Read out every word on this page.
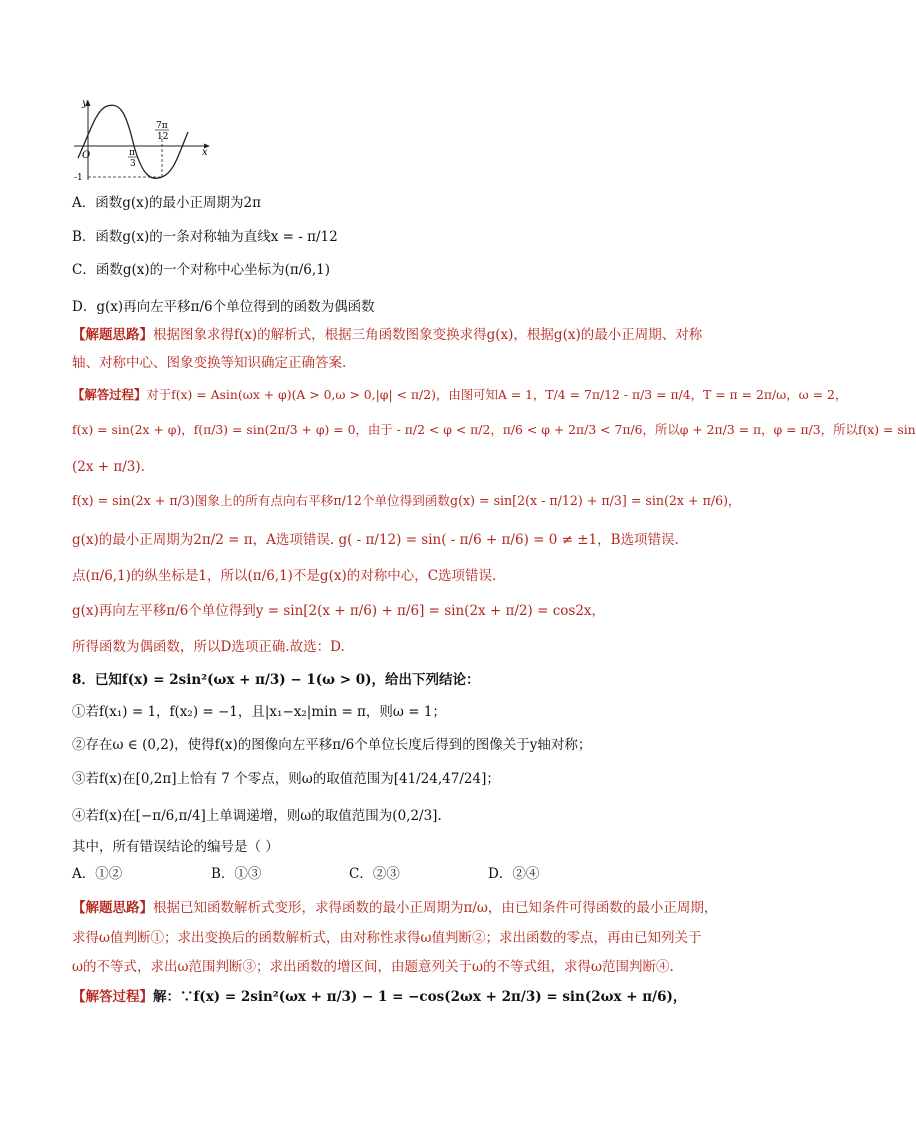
y
x
O	π
3
7π
12
-1
A．函数g(x)的最小正周期为2π
B．函数g(x)的一条对称轴为直线x = - π/12
C．函数g(x)的一个对称中心坐标为(π/6,1)
D．g(x)再向左平移π/6个单位得到的函数为偶函数
【解题思路】根据图象求得f(x)的解析式，根据三角函数图象变换求得g(x)，根据g(x)的最小正周期、对称
轴、对称中心、图象变换等知识确定正确答案.
【解答过程】对于f(x) = Asin(ωx + φ)(A > 0,ω > 0,|φ| < π/2)，由图可知A = 1，T/4 = 7π/12 - π/3 = π/4，T = π = 2π/ω，ω = 2，
f(x) = sin(2x + φ)，f(π/3) = sin(2π/3 + φ) = 0，由于 - π/2 < φ < π/2，π/6 < φ + 2π/3 < 7π/6，所以φ + 2π/3 = π，φ = π/3，所以f(x) = sin
(2x + π/3).
f(x) = sin(2x + π/3)图象上的所有点向右平移π/12个单位得到函数g(x) = sin[2(x - π/12) + π/3] = sin(2x + π/6)，
g(x)的最小正周期为2π/2 = π，A选项错误. g( - π/12) = sin( - π/6 + π/6) = 0 ≠ ±1，B选项错误.
点(π/6,1)的纵坐标是1，所以(π/6,1)不是g(x)的对称中心，C选项错误.
g(x)再向左平移π/6个单位得到y = sin[2(x + π/6) + π/6] = sin(2x + π/2) = cos2x，
所得函数为偶函数，所以D选项正确.故选：D.
8．已知f(x) = 2sin²(ωx + π/3) − 1(ω > 0)，给出下列结论：
①若f(x₁) = 1，f(x₂) = −1，且|x₁−x₂|min = π，则ω = 1；
②存在ω ∈ (0,2)，使得f(x)的图像向左平移π/6个单位长度后得到的图像关于y轴对称；
③若f(x)在[0,2π]上恰有 7 个零点，则ω的取值范围为[41/24,47/24]；
④若f(x)在[−π/6,π/4]上单调递增，则ω的取值范围为(0,2/3].
其中，所有错误结论的编号是（ ）
A．①②	B．①③	C．②③	D．②④
【解题思路】根据已知函数解析式变形，求得函数的最小正周期为π/ω，由已知条件可得函数的最小正周期，
求得ω值判断①；求出变换后的函数解析式，由对称性求得ω值判断②；求出函数的零点，再由已知列关于
ω的不等式，求出ω范围判断③；求出函数的增区间，由题意列关于ω的不等式组，求得ω范围判断④.
【解答过程】解：∵f(x) = 2sin²(ωx + π/3) − 1 = −cos(2ωx + 2π/3) = sin(2ωx + π/6)，
